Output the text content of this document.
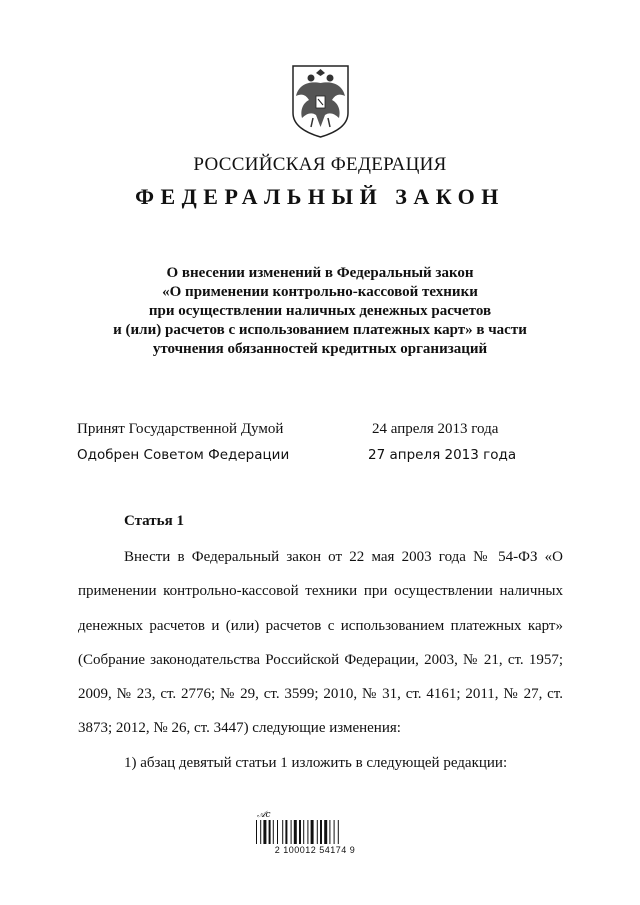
РОССИЙСКАЯ ФЕДЕРАЦИЯ
ФЕДЕРАЛЬНЫЙ ЗАКОН
О внесении изменений в Федеральный закон
«О применении контрольно-кассовой техники
при осуществлении наличных денежных расчетов
и (или) расчетов с использованием платежных карт» в части
уточнения обязанностей кредитных организаций
Принят Государственной Думой	24 апреля 2013 года
Одобрен Советом Федерации	27 апреля 2013 года
Статья 1

Внести в Федеральный закон от 22 мая 2003 года № 54-ФЗ «О применении контрольно-кассовой техники при осуществлении наличных денежных расчетов и (или) расчетов с использованием платежных карт» (Собрание законодательства Российской Федерации, 2003, № 21, ст. 1957; 2009, № 23, ст. 2776; № 29, ст. 3599; 2010, № 31, ст. 4161; 2011, № 27, ст. 3873; 2012, № 26, ст. 3447) следующие изменения:

1) абзац девятый статьи 1 изложить в следующей редакции:

𝒜𝑐
2 100012 54174 9
